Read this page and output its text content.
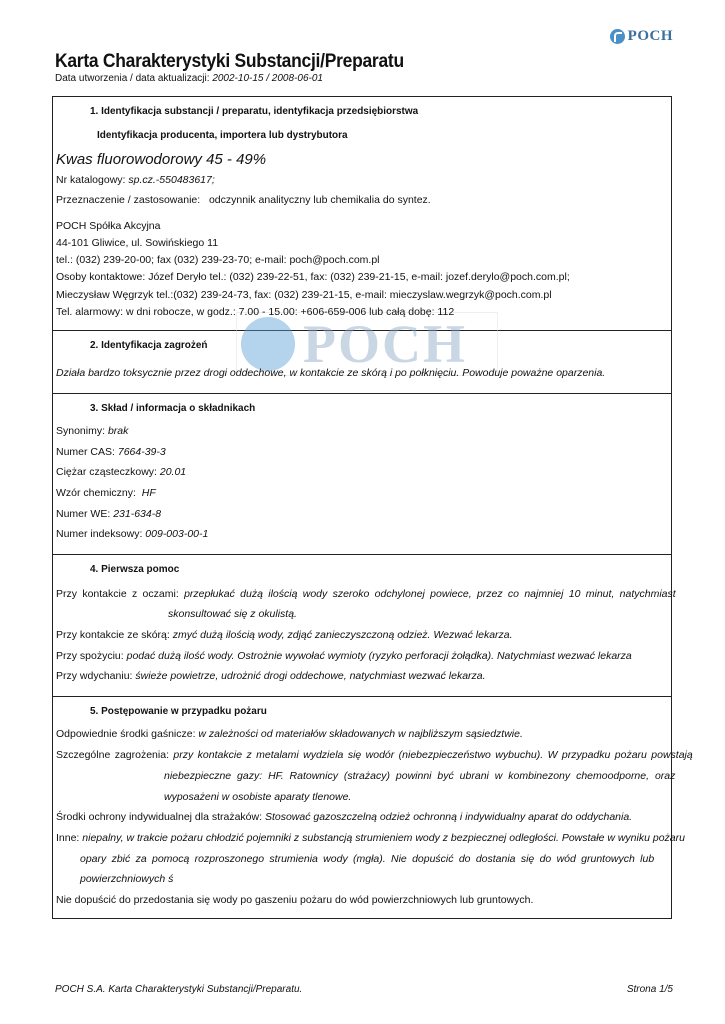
POCH
Karta Charakterystyki Substancji/Preparatu
Data utworzenia / data aktualizacji: 2002-10-15 / 2008-06-01
POCH
1. Identyfikacja substancji / preparatu, identyfikacja przedsiębiorstwa
Identyfikacja producenta, importera lub dystrybutora
Kwas fluorowodorowy 45 - 49%
Nr katalogowy: sp.cz.-550483617;
Przeznaczenie / zastosowanie: odczynnik analityczny lub chemikalia do syntez.
POCH Spółka Akcyjna
44-101 Gliwice, ul. Sowińskiego 11
tel.: (032) 239-20-00; fax (032) 239-23-70; e-mail: poch@poch.com.pl
Osoby kontaktowe: Józef Deryło tel.: (032) 239-22-51, fax: (032) 239-21-15, e-mail: jozef.derylo@poch.com.pl;
Mieczysław Węgrzyk tel.:(032) 239-24-73, fax: (032) 239-21-15, e-mail: mieczyslaw.wegrzyk@poch.com.pl
Tel. alarmowy: w dni robocze, w godz.: 7.00 - 15.00: +606-659-006 lub całą dobę: 112
2. Identyfikacja zagrożeń
Działa bardzo toksycznie przez drogi oddechowe, w kontakcie ze skórą i po połknięciu. Powoduje poważne oparzenia.
3. Skład / informacja o składnikach
Synonimy: brak
Numer CAS: 7664-39-3
Ciężar cząsteczkowy: 20.01
Wzór chemiczny: HF
Numer WE: 231-634-8
Numer indeksowy: 009-003-00-1
4. Pierwsza pomoc
Przy kontakcie z oczami: przepłukać dużą ilością wody szeroko odchylonej powiece, przez co najmniej 10 minut, natychmiast
skonsultować się z okulistą.
Przy kontakcie ze skórą: zmyć dużą ilością wody, zdjąć zanieczyszczoną odzież. Wezwać lekarza.
Przy spożyciu: podać dużą ilość wody. Ostrożnie wywołać wymioty (ryzyko perforacji żołądka). Natychmiast wezwać lekarza
Przy wdychaniu: świeże powietrze, udrożnić drogi oddechowe, natychmiast wezwać lekarza.
5. Postępowanie w przypadku pożaru
Odpowiednie środki gaśnicze: w zależności od materiałów składowanych w najbliższym sąsiedztwie.
Szczególne zagrożenia: przy kontakcie z metalami wydziela się wodór (niebezpieczeństwo wybuchu). W przypadku pożaru powstają
niebezpieczne gazy: HF. Ratownicy (strażacy) powinni być ubrani w kombinezony chemoodporne, oraz
wyposażeni w osobiste aparaty tlenowe.
Środki ochrony indywidualnej dla strażaków: Stosować gazoszczelną odzież ochronną i indywidualny aparat do oddychania.
Inne: niepalny, w trakcie pożaru chłodzić pojemniki z substancją strumieniem wody z bezpiecznej odległości. Powstałe w wyniku pożaru
opary zbić za pomocą rozproszonego strumienia wody (mgła). Nie dopuścić do dostania się do wód gruntowych lub
powierzchniowych ś
Nie dopuścić do przedostania się wody po gaszeniu pożaru do wód powierzchniowych lub gruntowych.
POCH S.A. Karta Charakterystyki Substancji/Preparatu.	Strona 1/5
